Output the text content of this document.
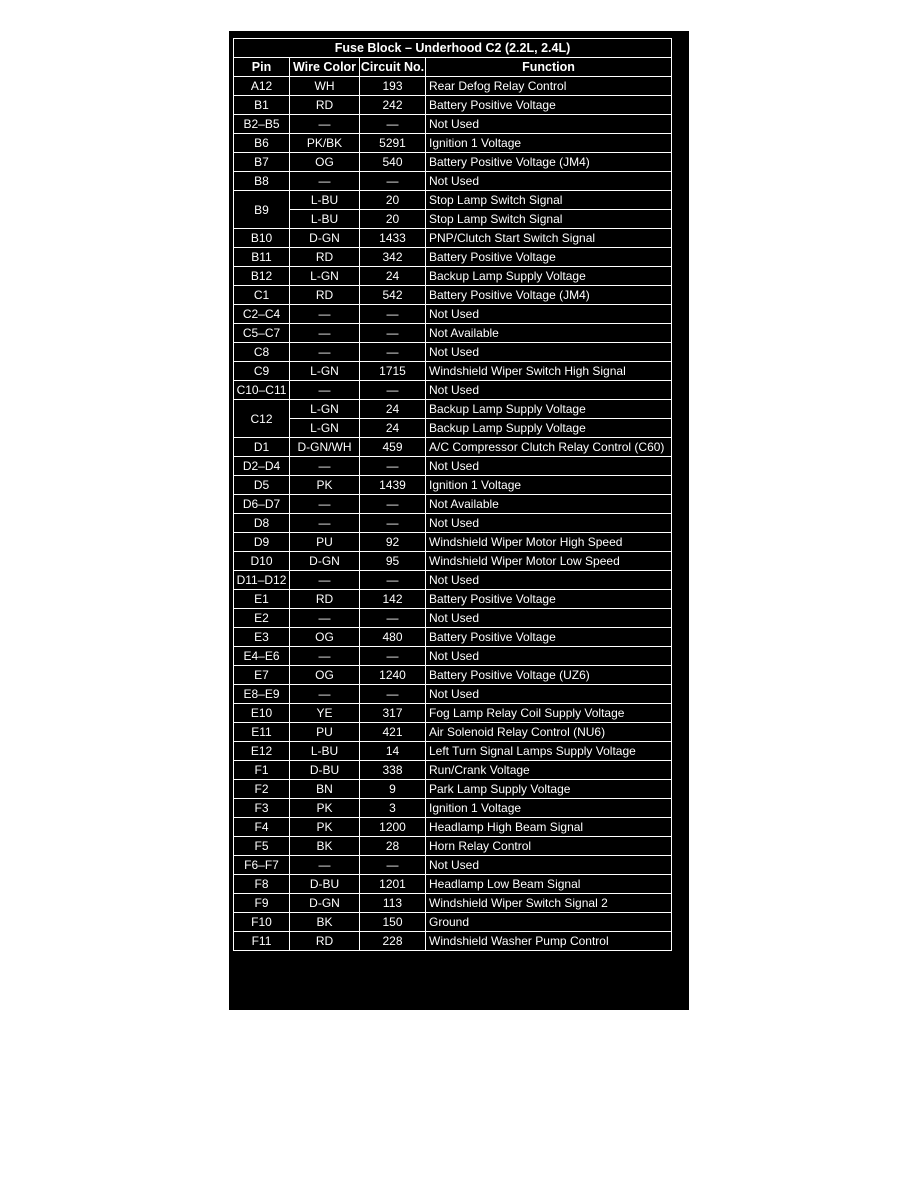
Fuse Block – Underhood C2 (2.2L, 2.4L)			
Pin	Wire Color	Circuit No.	Function
A12	WH	193	Rear Defog Relay Control
B1	RD	242	Battery Positive Voltage
B2–B5	—	—	Not Used
B6	PK/BK	5291	Ignition 1 Voltage
B7	OG	540	Battery Positive Voltage (JM4)
B8	—	—	Not Used
B9	L-BU	20	Stop Lamp Switch Signal
	L-BU	20	Stop Lamp Switch Signal
B10	D-GN	1433	PNP/Clutch Start Switch Signal
B11	RD	342	Battery Positive Voltage
B12	L-GN	24	Backup Lamp Supply Voltage
C1	RD	542	Battery Positive Voltage (JM4)
C2–C4	—	—	Not Used
C5–C7	—	—	Not Available
C8	—	—	Not Used
C9	L-GN	1715	Windshield Wiper Switch High Signal
C10–C11	—	—	Not Used
C12	L-GN	24	Backup Lamp Supply Voltage
	L-GN	24	Backup Lamp Supply Voltage
D1	D-GN/WH	459	A/C Compressor Clutch Relay Control (C60)
D2–D4	—	—	Not Used
D5	PK	1439	Ignition 1 Voltage
D6–D7	—	—	Not Available
D8	—	—	Not Used
D9	PU	92	Windshield Wiper Motor High Speed
D10	D-GN	95	Windshield Wiper Motor Low Speed
D11–D12	—	—	Not Used
E1	RD	142	Battery Positive Voltage
E2	—	—	Not Used
E3	OG	480	Battery Positive Voltage
E4–E6	—	—	Not Used
E7	OG	1240	Battery Positive Voltage (UZ6)
E8–E9	—	—	Not Used
E10	YE	317	Fog Lamp Relay Coil Supply Voltage
E11	PU	421	Air Solenoid Relay Control (NU6)
E12	L-BU	14	Left Turn Signal Lamps Supply Voltage
F1	D-BU	338	Run/Crank Voltage
F2	BN	9	Park Lamp Supply Voltage
F3	PK	3	Ignition 1 Voltage
F4	PK	1200	Headlamp High Beam Signal
F5	BK	28	Horn Relay Control
F6–F7	—	—	Not Used
F8	D-BU	1201	Headlamp Low Beam Signal
F9	D-GN	113	Windshield Wiper Switch Signal 2
F10	BK	150	Ground
F11	RD	228	Windshield Washer Pump Control
